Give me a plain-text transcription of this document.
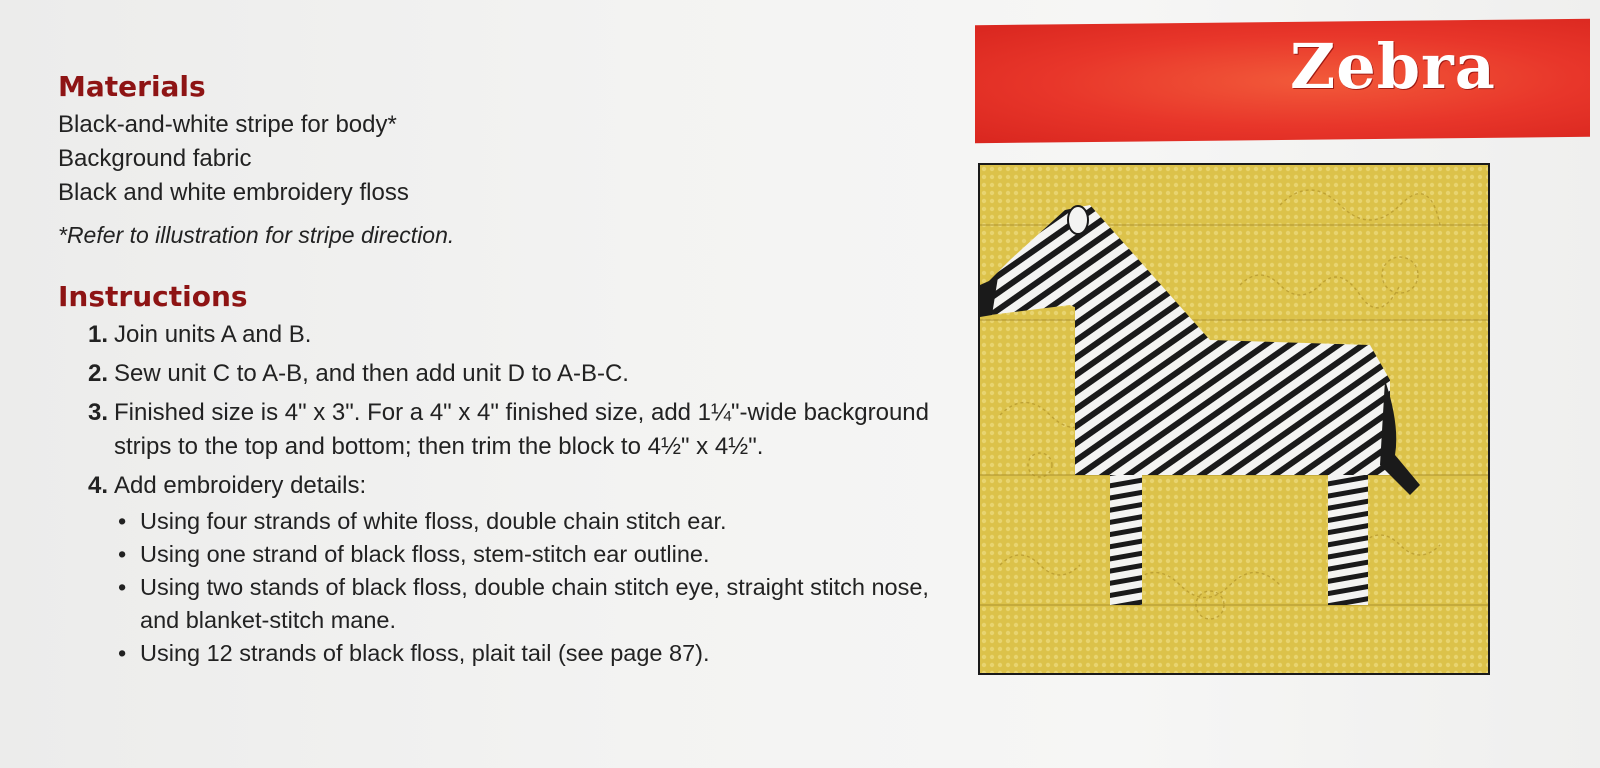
Materials
Black-and-white stripe for body*
Background fabric
Black and white embroidery floss
*Refer to illustration for stripe direction.
Instructions
1. Join units A and B.
2. Sew unit C to A-B, and then add unit D to A-B-C.
3. Finished size is 4" x 3". For a 4" x 4" finished size, add 1¼"-wide background strips to the top and bottom; then trim the block to 4½" x 4½".
4. Add embroidery details:
• Using four strands of white floss, double chain stitch ear.
• Using one strand of black floss, stem-stitch ear outline.
• Using two stands of black floss, double chain stitch eye, straight stitch nose, and blanket-stitch mane.
• Using 12 strands of black floss, plait tail (see page 87).
Zebra
